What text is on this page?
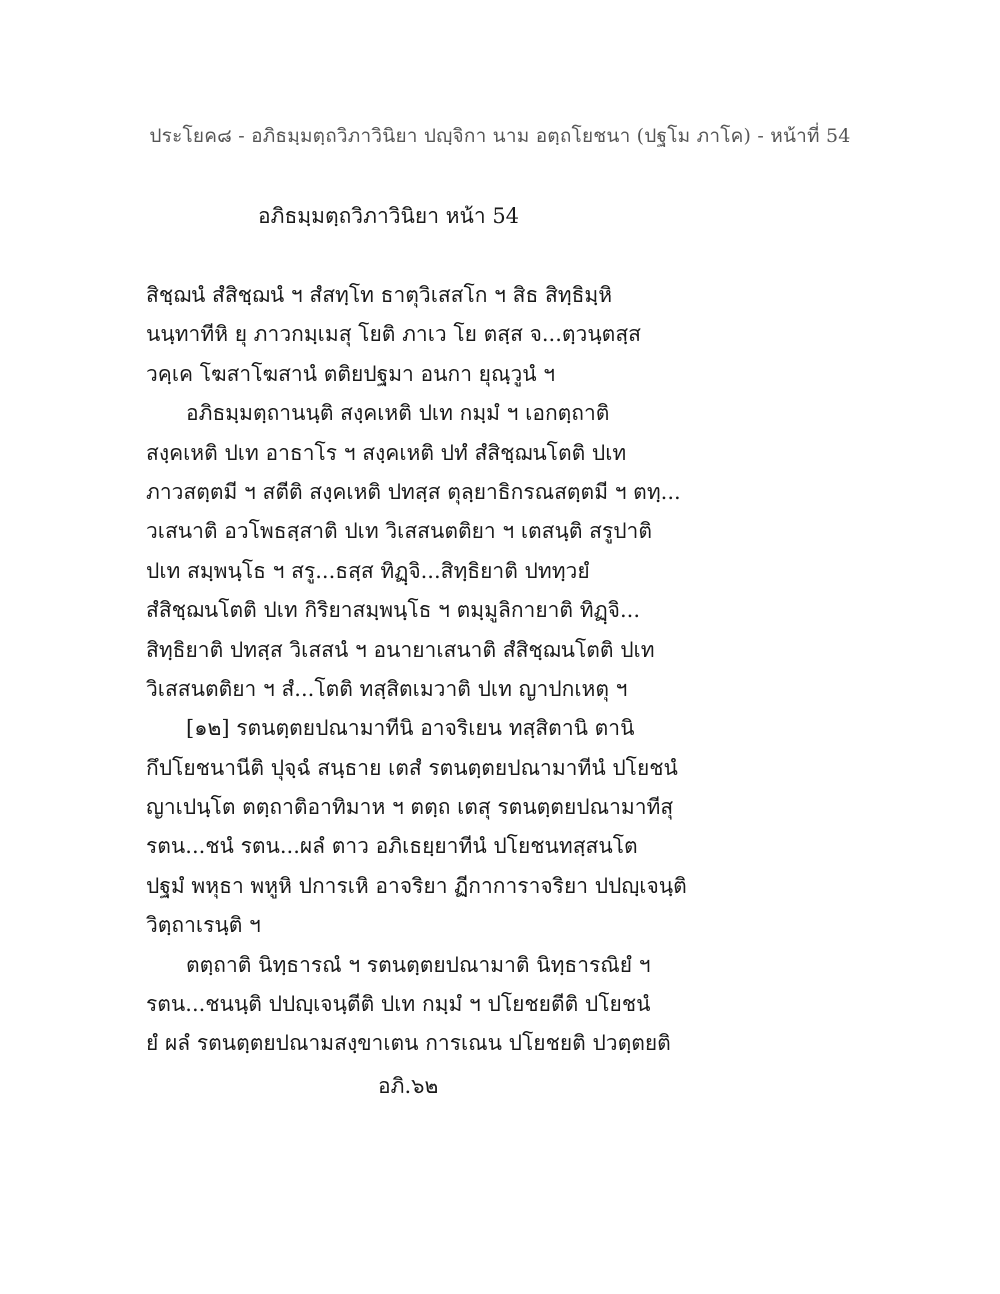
ประโยค๘ - อภิธมฺมตฺถวิภาวินิยา ปญฺจิกา นาม อตฺถโยชนา (ปฐโม ภาโค) - หน้าที่ 54
อภิธมฺมตฺถวิภาวินิยา หน้า 54
สิชฺฌนํ สํสิชฺฌนํ ฯ สํสทฺโท ธาตุวิเสสโก ฯ สิธ สิทฺธิมฺหิ
นนฺทาทีหิ ยุ ภาวกมฺเมสุ โยติ ภาเว โย ตสฺส จ...ตฺวนฺตสฺส
วคฺเค โฆสาโฆสานํ ตติยปฐมา อนกา ยุณฺวูนํ ฯ
อภิธมฺมตฺถานนฺติ สงฺคเหติ ปเท กมฺมํ ฯ เอกตฺถาติ
สงฺคเหติ ปเท อาธาโร ฯ สงฺคเหติ ปทํ สํสิชฺฌนโตติ ปเท
ภาวสตฺตมี ฯ สตีติ สงฺคเหติ ปทสฺส ตุลฺยาธิกรณสตฺตมี ฯ ตทฺ...
วเสนาติ อวโพธสฺสาติ ปเท วิเสสนตติยา ฯ เตสนฺติ สรูปาติ
ปเท สมฺพนฺโธ ฯ สรู...ธสฺส ทิฏฺจิ...สิทฺธิยาติ ปททฺวยํ
สํสิชฺฌนโตติ ปเท กิริยาสมฺพนฺโธ ฯ ตมฺมูลิกายาติ ทิฏฺจิ...
สิทฺธิยาติ ปทสฺส วิเสสนํ ฯ อนายาเสนาติ สํสิชฺฌนโตติ ปเท
วิเสสนตติยา ฯ สํ...โตติ ทสฺสิตเมวาติ ปเท ญาปกเหตุ ฯ
[๑๒] รตนตฺตยปณามาทีนิ อาจริเยน ทสฺสิตานิ ตานิ
กึปโยชนานีติ ปุจฺฉํ สนฺธาย เตสํ รตนตฺตยปณามาทีนํ ปโยชนํ
ญาเปนฺโต ตตฺถาติอาทิมาห ฯ ตตฺถ เตสุ รตนตฺตยปณามาทีสุ
รตน...ชนํ รตน...ผลํ ตาว อภิเธยฺยาทีนํ ปโยชนทสฺสนโต
ปฐมํ พหุธา พหูหิ ปการเหิ อาจริยา ฏีกาการาจริยา ปปญฺเจนฺติ
วิตฺถาเรนฺติ ฯ
ตตฺถาติ นิทฺธารณํ ฯ รตนตฺตยปณามาติ นิทฺธารณิยํ ฯ
รตน...ชนนฺติ ปปญฺเจนฺตีติ ปเท กมฺมํ ฯ ปโยชยตีติ ปโยชนํ
ยํ ผลํ รตนตฺตยปณามสงฺขาเตน การเณน ปโยชยติ ปวตฺตยติ
อภิ.๖๒
